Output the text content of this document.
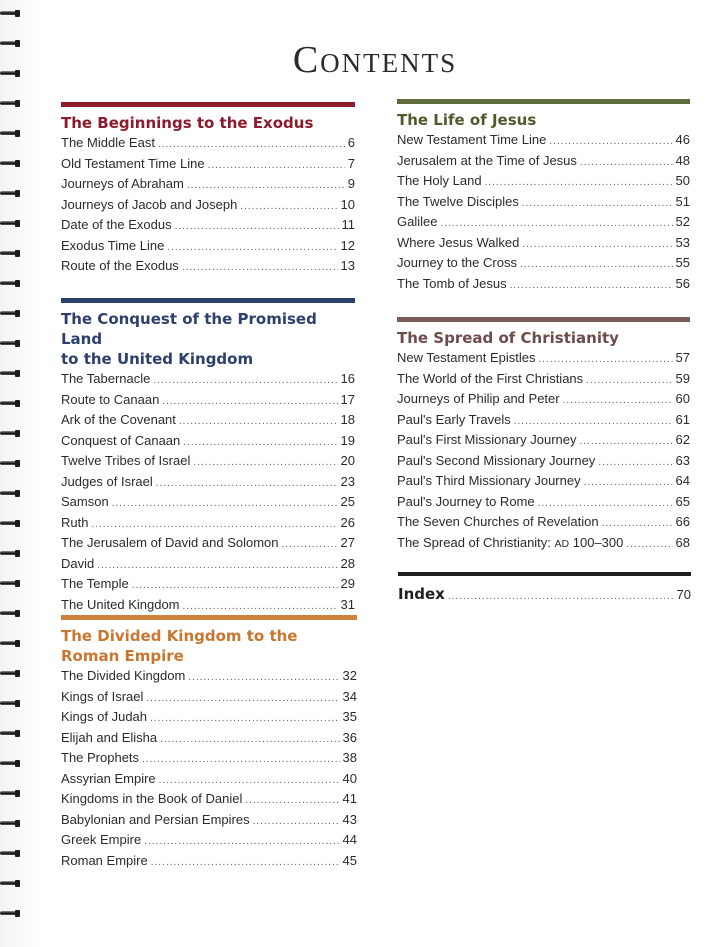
Contents
The Beginnings to the Exodus
The Middle East .....	6
Old Testament Time Line .....	7
Journeys of Abraham .....	9
Journeys of Jacob and Joseph .....	10
Date of the Exodus .....	11
Exodus Time Line .....	12
Route of the Exodus .....	13
The Conquest of the Promised Land
to the United Kingdom
The Tabernacle .....	16
Route to Canaan .....	17
Ark of the Covenant .....	18
Conquest of Canaan .....	19
Twelve Tribes of Israel .....	20
Judges of Israel .....	23
Samson .....	25
Ruth .....	26
The Jerusalem of David and Solomon .....	27
David .....	28
The Temple .....	29
The United Kingdom .....	31
The Divided Kingdom to the
Roman Empire
The Divided Kingdom .....	32
Kings of Israel .....	34
Kings of Judah .....	35
Elijah and Elisha .....	36
The Prophets .....	38
Assyrian Empire .....	40
Kingdoms in the Book of Daniel .....	41
Babylonian and Persian Empires .....	43
Greek Empire .....	44
Roman Empire .....	45
The Life of Jesus
New Testament Time Line .....	46
Jerusalem at the Time of Jesus .....	48
The Holy Land .....	50
The Twelve Disciples .....	51
Galilee .....	52
Where Jesus Walked .....	53
Journey to the Cross .....	55
The Tomb of Jesus .....	56
The Spread of Christianity
New Testament Epistles .....	57
The World of the First Christians .....	59
Journeys of Philip and Peter .....	60
Paul's Early Travels .....	61
Paul's First Missionary Journey .....	62
Paul's Second Missionary Journey .....	63
Paul's Third Missionary Journey .....	64
Paul's Journey to Rome .....	65
The Seven Churches of Revelation .....	66
The Spread of Christianity: AD 100–300 .....	68
Index .....	70
